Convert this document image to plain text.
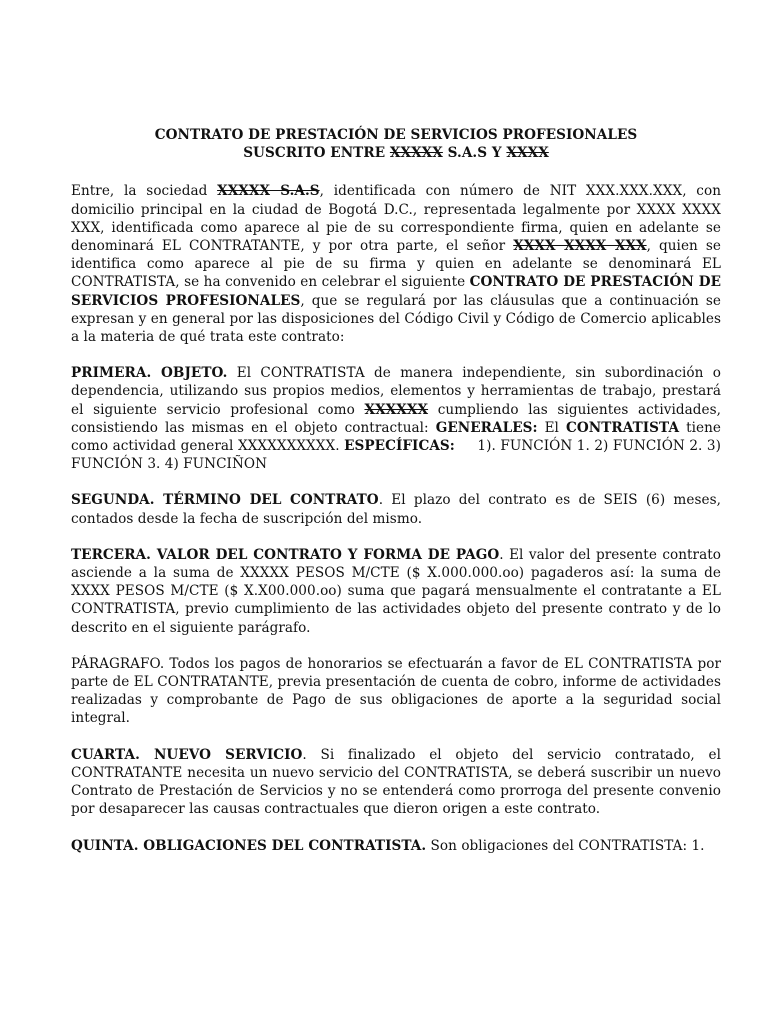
CONTRATO DE PRESTACIÓN DE SERVICIOS PROFESIONALES
SUSCRITO ENTRE XXXXX S.A.S Y XXXX

Entre, la sociedad XXXXX S.A.S, identificada con número de NIT XXX.XXX.XXX, con domicilio principal en la ciudad de Bogotá D.C., representada legalmente por XXXX XXXX XXX, identificada como aparece al pie de su correspondiente firma, quien en adelante se denominará EL CONTRATANTE, y por otra parte, el señor XXXX XXXX XXX, quien se identifica como aparece al pie de su firma y quien en adelante se denominará EL CONTRATISTA, se ha convenido en celebrar el siguiente CONTRATO DE PRESTACIÓN DE SERVICIOS PROFESIONALES, que se regulará por las cláusulas que a continuación se expresan y en general por las disposiciones del Código Civil y Código de Comercio aplicables a la materia de qué trata este contrato:

PRIMERA. OBJETO. El CONTRATISTA de manera independiente, sin subordinación o dependencia, utilizando sus propios medios, elementos y herramientas de trabajo, prestará el siguiente servicio profesional como XXXXXX cumpliendo las siguientes actividades, consistiendo las mismas en el objeto contractual: GENERALES: El CONTRATISTA tiene como actividad general XXXXXXXXXX. ESPECÍFICAS:     1). FUNCIÓN 1. 2) FUNCIÓN 2. 3) FUNCIÓN 3. 4) FUNCIÑON

SEGUNDA. TÉRMINO DEL CONTRATO. El plazo del contrato es de SEIS (6) meses, contados desde la fecha de suscripción del mismo.

TERCERA. VALOR DEL CONTRATO Y FORMA DE PAGO. El valor del presente contrato asciende a la suma de XXXXX PESOS M/CTE ($ X.000.000.oo) pagaderos así: la suma de XXXX PESOS M/CTE ($ X.X00.000.oo) suma que pagará mensualmente el contratante a EL CONTRATISTA, previo cumplimiento de las actividades objeto del presente contrato y de lo descrito en el siguiente parágrafo.

PÁRAGRAFO. Todos los pagos de honorarios se efectuarán a favor de EL CONTRATISTA por parte de EL CONTRATANTE, previa presentación de cuenta de cobro, informe de actividades realizadas y comprobante de Pago de sus obligaciones de aporte a la seguridad social integral.

CUARTA. NUEVO SERVICIO. Si finalizado el objeto del servicio contratado, el CONTRATANTE necesita un nuevo servicio del CONTRATISTA, se deberá suscribir un nuevo Contrato de Prestación de Servicios y no se entenderá como prorroga del presente convenio por desaparecer las causas contractuales que dieron origen a este contrato.

QUINTA. OBLIGACIONES DEL CONTRATISTA. Son obligaciones del CONTRATISTA: 1.
